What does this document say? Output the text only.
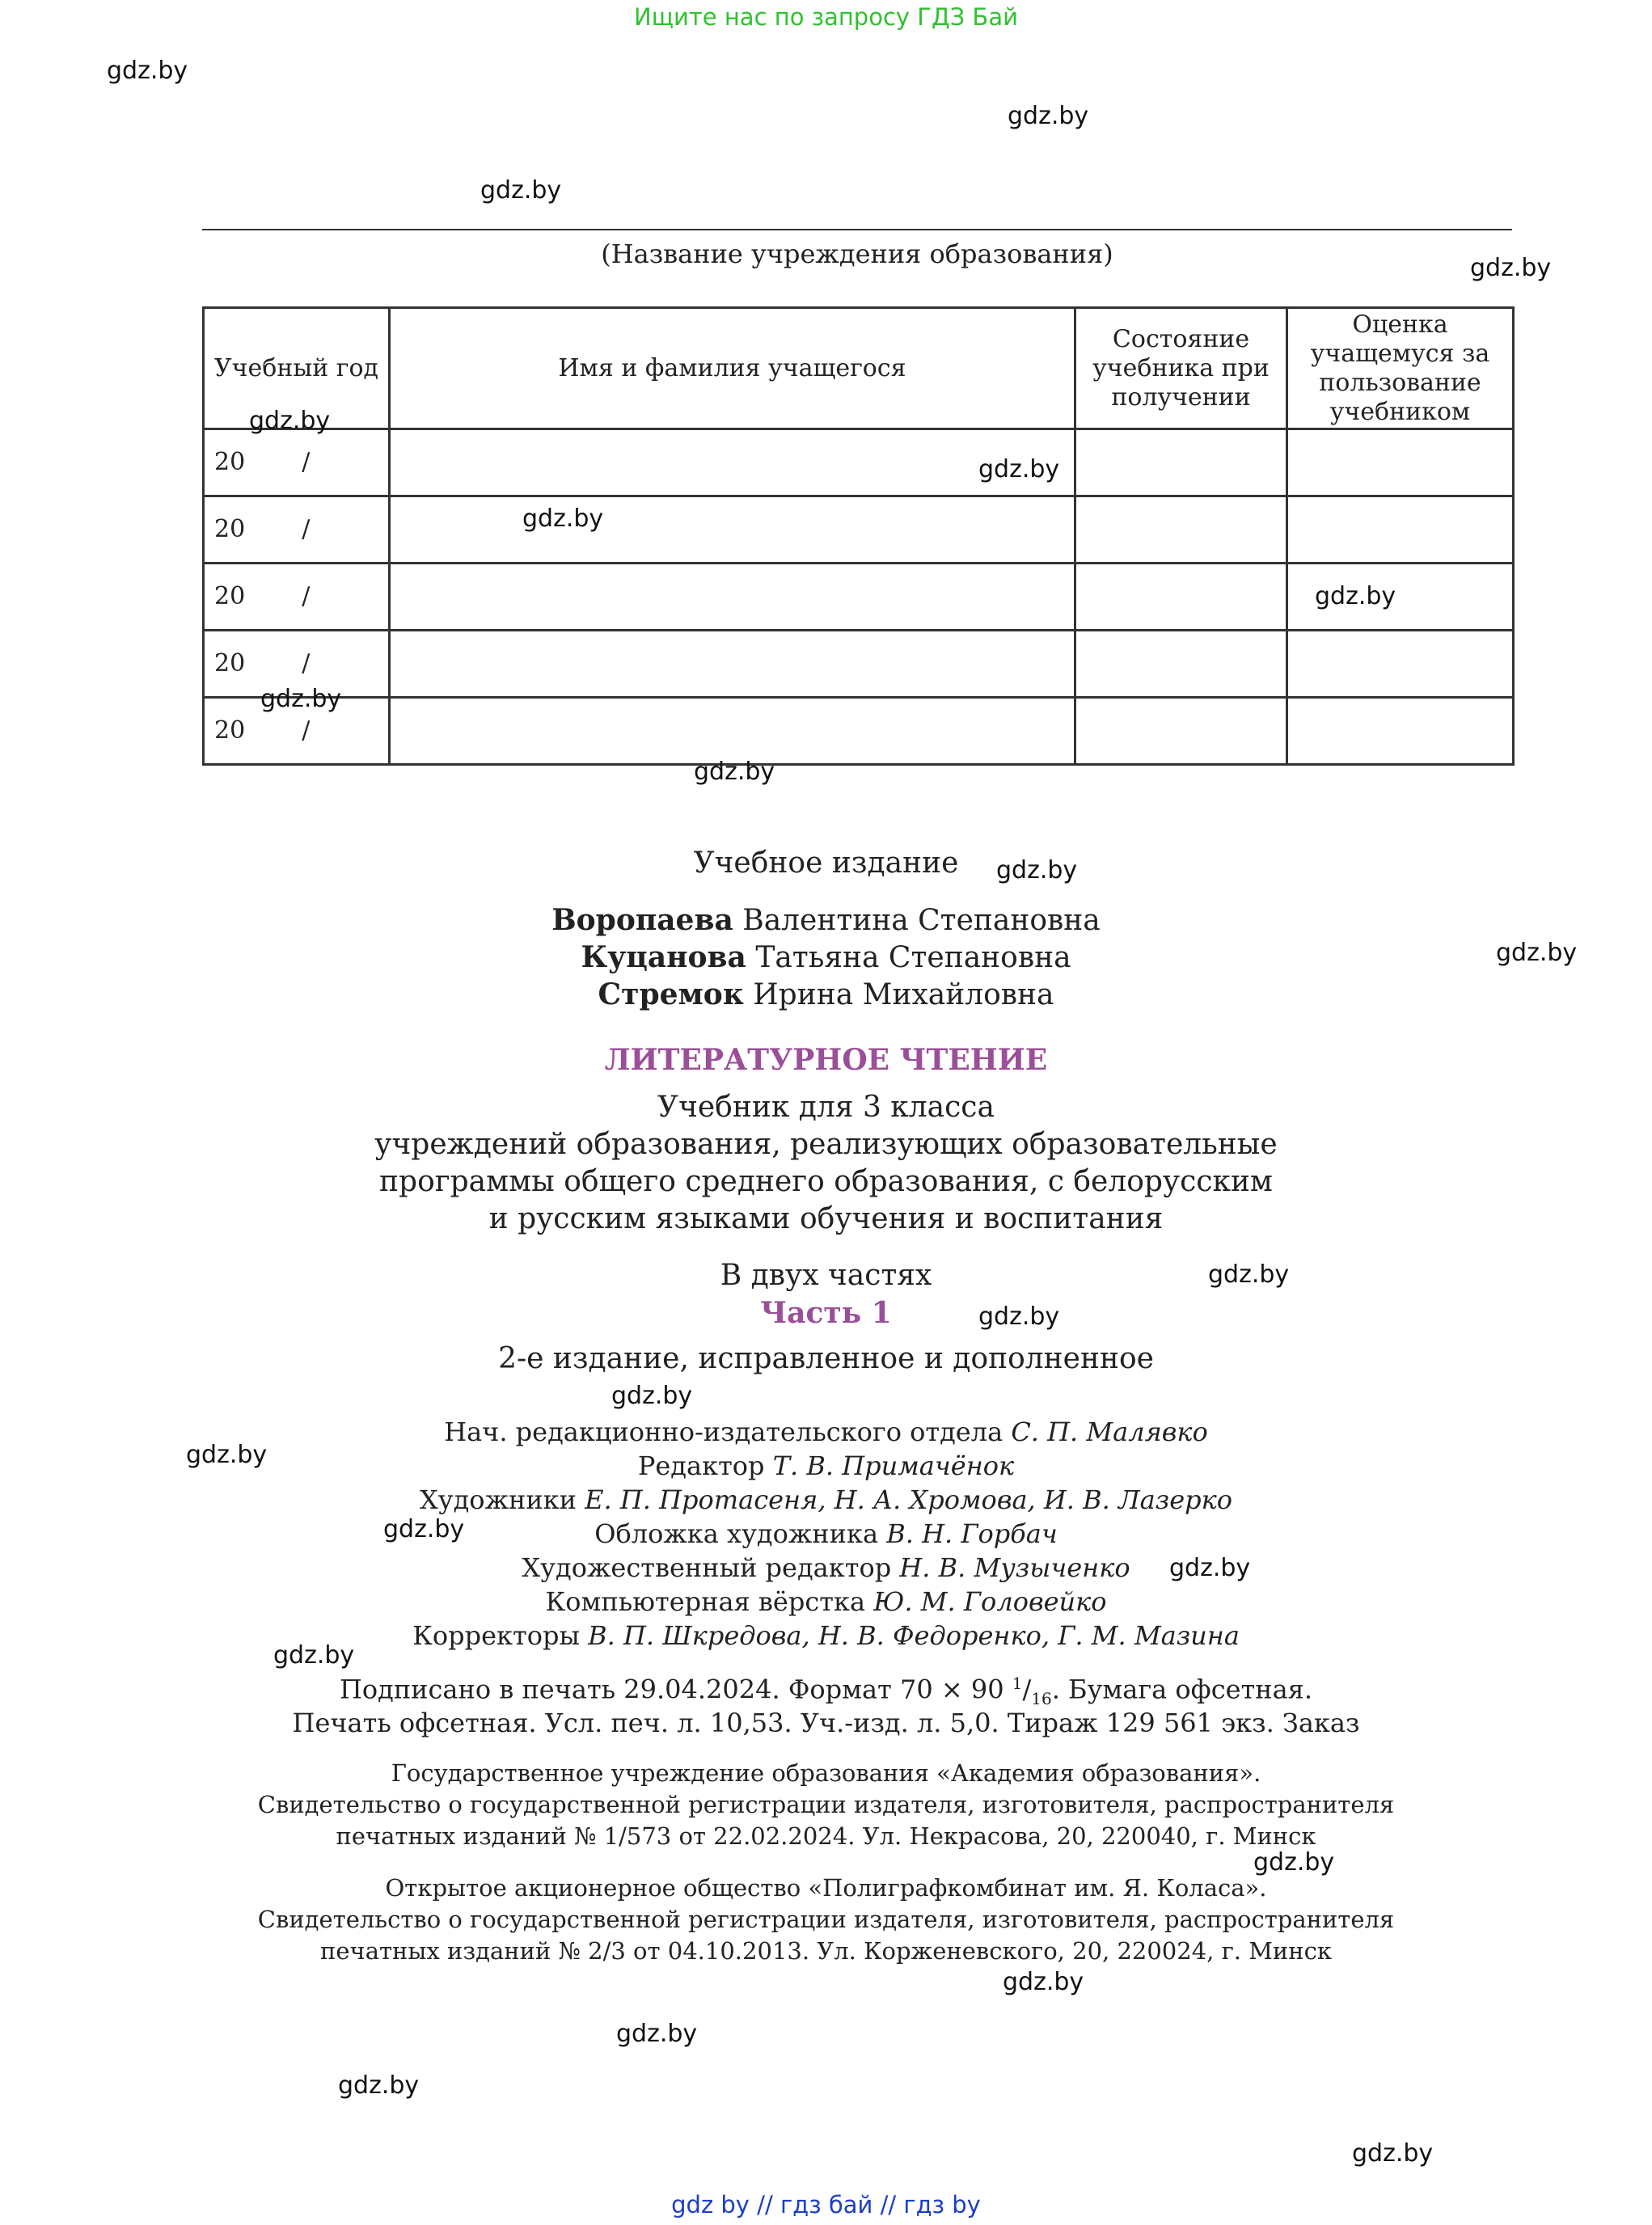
Ищите нас по запросу ГДЗ Бай
(Название учреждения образования)
Учебный год	Имя и фамилия учащегося	Состояние учебника при получении	Оценка учащемуся за пользование учебником
20 /			
20 /			
20 /			
20 /			
20 /			
Учебное издание
Воропаева Валентина Степановна
Куцанова Татьяна Степановна
Стремок Ирина Михайловна
ЛИТЕРАТУРНОЕ ЧТЕНИЕ
Учебник для 3 класса
учреждений образования, реализующих образовательные
программы общего среднего образования, с белорусским
и русским языками обучения и воспитания
В двух частях
Часть 1
2-е издание, исправленное и дополненное
Нач. редакционно-издательского отдела С. П. Малявко
Редактор Т. В. Примачёнок
Художники Е. П. Протасеня, Н. А. Хромова, И. В. Лазерко
Обложка художника В. Н. Горбач
Художественный редактор Н. В. Музыченко
Компьютерная вёрстка Ю. М. Головейко
Корректоры В. П. Шкредова, Н. В. Федоренко, Г. М. Мазина
Подписано в печать 29.04.2024. Формат 70 × 90 $^1/_{16}$. Бумага офсетная.
Печать офсетная. Усл. печ. л. 10,53. Уч.-изд. л. 5,0. Тираж 129 561 экз. Заказ
Государственное учреждение образования «Академия образования».
Свидетельство о государственной регистрации издателя, изготовителя, распространителя
печатных изданий № 1/573 от 22.02.2024. Ул. Некрасова, 20, 220040, г. Минск
Открытое акционерное общество «Полиграфкомбинат им. Я. Коласа».
Свидетельство о государственной регистрации издателя, изготовителя, распространителя
печатных изданий № 2/3 от 04.10.2013. Ул. Корженевского, 20, 220024, г. Минск
gdz.by
gdz.by
gdz.by
gdz.by
gdz.by
gdz.by
gdz.by
gdz.by
gdz.by
gdz.by
gdz.by
gdz.by
gdz.by
gdz.by
gdz.by
gdz.by
gdz.by
gdz.by
gdz.by
gdz.by
gdz.by
gdz.by
gdz.by
gdz.by
gdz by // гдз бай // гдз by
